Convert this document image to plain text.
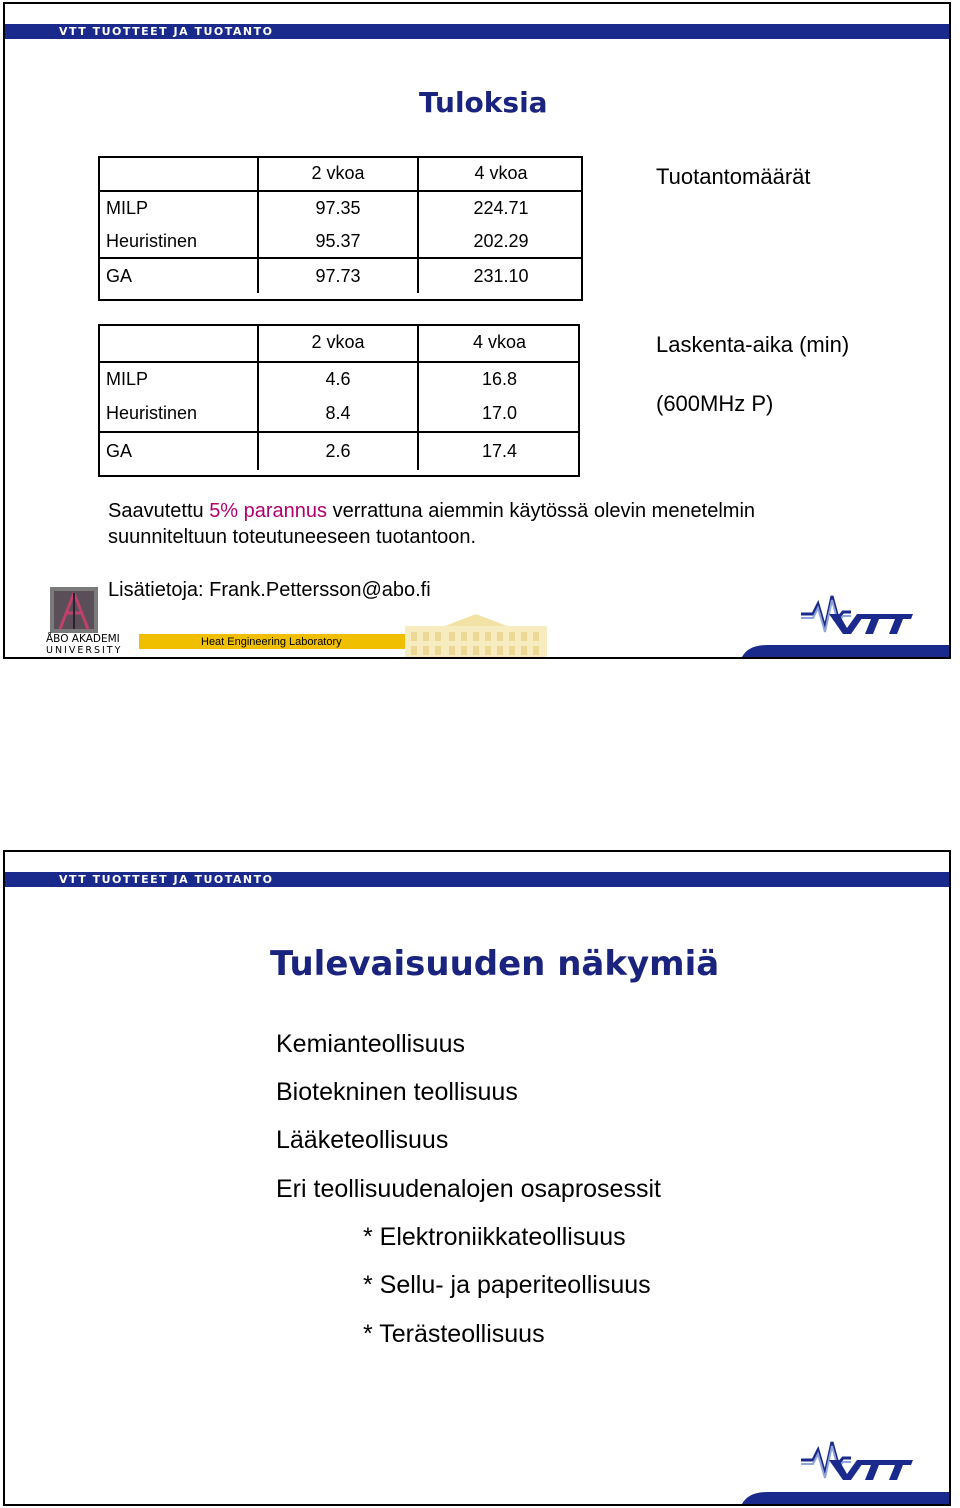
VTT TUOTTEET JA TUOTANTO
Tuloksia
	2 vkoa	4 vkoa
MILP	97.35	224.71
Heuristinen	95.37	202.29
GA	97.73	231.10

Tuotantomäärät

	2 vkoa	4 vkoa
MILP	4.6	16.8
Heuristinen	8.4	17.0
GA	2.6	17.4

Laskenta-aika (min)

(600MHz P)

Saavutettu 5% parannus verrattuna aiemmin käytössä olevin menetelmin
suunniteltuun toteutuneeseen tuotantoon.

Lisätietoja: Frank.Pettersson@abo.fi

ÅBO AKADEMI
UNIVERSITY
Heat Engineering Laboratory
VTT TUOTTEET JA TUOTANTO
Tulevaisuuden näkymiä

Kemianteollisuus

Biotekninen teollisuus

Lääketeollisuus

Eri teollisuudenalojen osaprosessit

* Elektroniikkateollisuus

* Sellu- ja paperiteollisuus

* Terästeollisuus
